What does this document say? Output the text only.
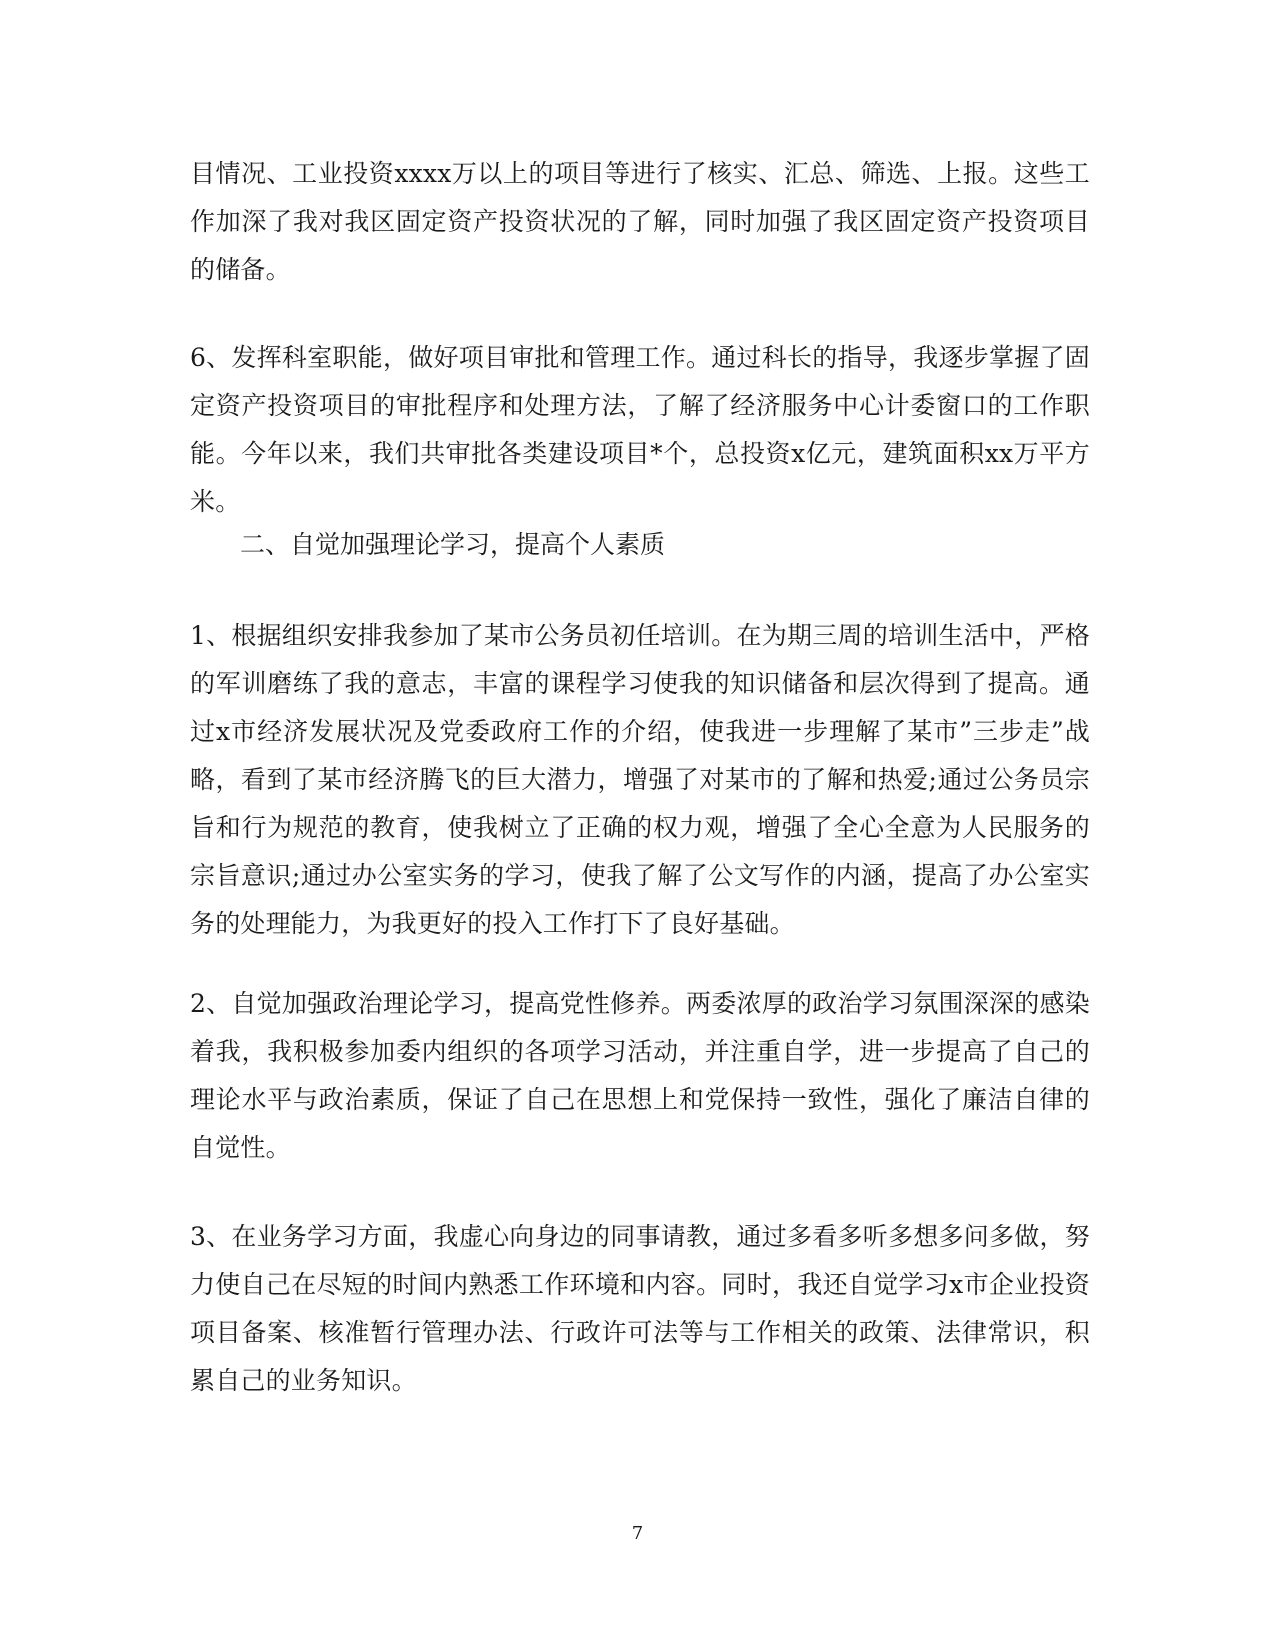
目情况、工业投资xxxx万以上的项目等进行了核实、汇总、筛选、上报。这些工作加深了我对我区固定资产投资状况的了解，同时加强了我区固定资产投资项目的储备。

6、发挥科室职能，做好项目审批和管理工作。通过科长的指导，我逐步掌握了固定资产投资项目的审批程序和处理方法，了解了经济服务中心计委窗口的工作职能。今年以来，我们共审批各类建设项目*个，总投资x亿元，建筑面积xx万平方米。

二、自觉加强理论学习，提高个人素质

1、根据组织安排我参加了某市公务员初任培训。在为期三周的培训生活中，严格的军训磨练了我的意志，丰富的课程学习使我的知识储备和层次得到了提高。通过x市经济发展状况及党委政府工作的介绍，使我进一步理解了某市”三步走”战略，看到了某市经济腾飞的巨大潜力，增强了对某市的了解和热爱;通过公务员宗旨和行为规范的教育，使我树立了正确的权力观，增强了全心全意为人民服务的宗旨意识;通过办公室实务的学习，使我了解了公文写作的内涵，提高了办公室实务的处理能力，为我更好的投入工作打下了良好基础。

2、自觉加强政治理论学习，提高党性修养。两委浓厚的政治学习氛围深深的感染着我，我积极参加委内组织的各项学习活动，并注重自学，进一步提高了自己的理论水平与政治素质，保证了自己在思想上和党保持一致性，强化了廉洁自律的自觉性。

3、在业务学习方面，我虚心向身边的同事请教，通过多看多听多想多问多做，努力使自己在尽短的时间内熟悉工作环境和内容。同时，我还自觉学习x市企业投资项目备案、核准暂行管理办法、行政许可法等与工作相关的政策、法律常识，积累自己的业务知识。

7
